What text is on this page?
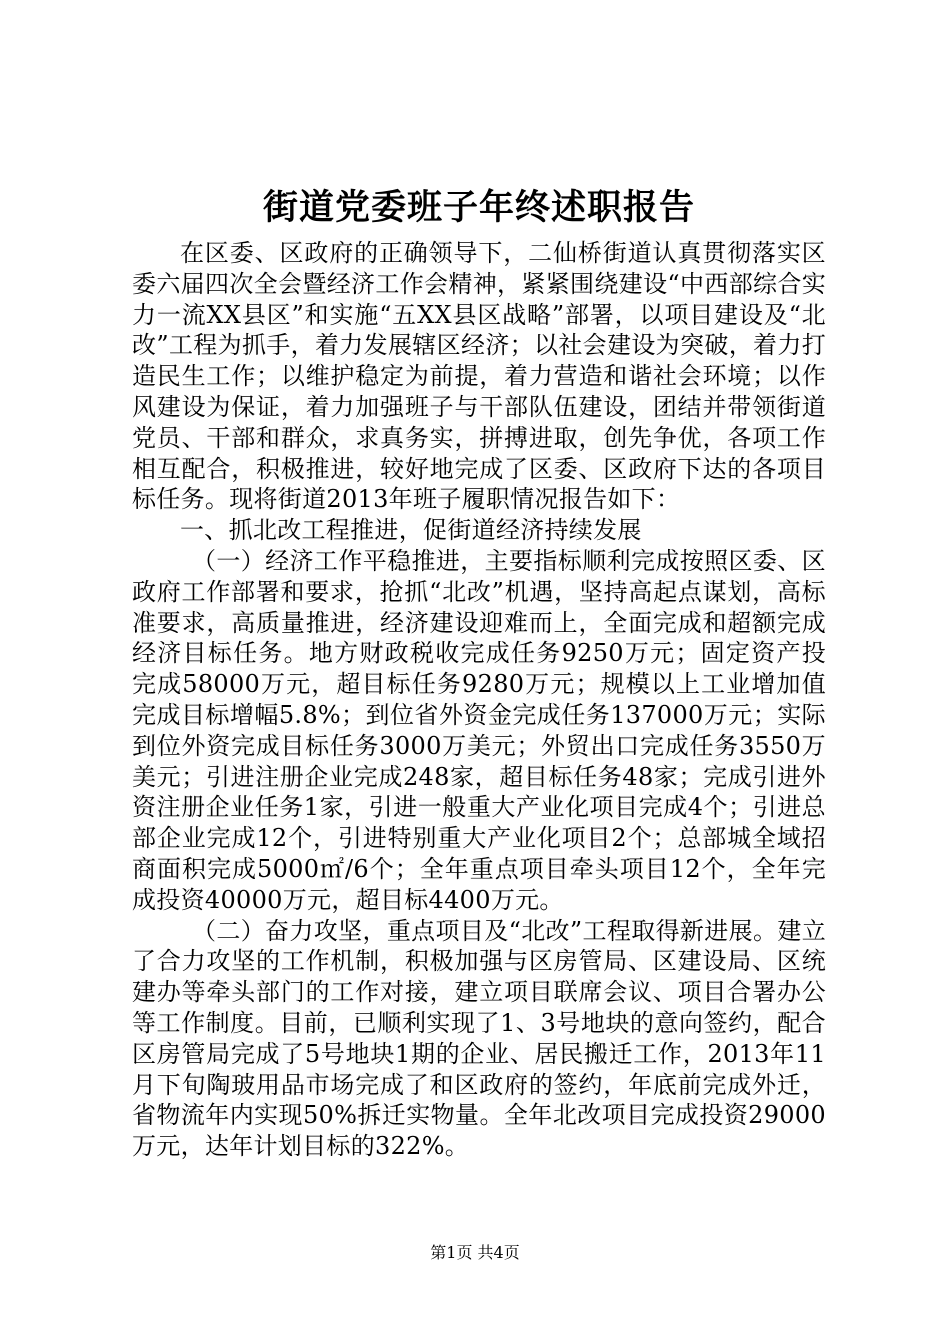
街道党委班子年终述职报告

在区委、区政府的正确领导下，二仙桥街道认真贯彻落实区委六届四次全会暨经济工作会精神，紧紧围绕建设“中西部综合实力一流XX县区”和实施“五XX县区战略”部署，以项目建设及“北改”工程为抓手，着力发展辖区经济；以社会建设为突破，着力打造民生工作；以维护稳定为前提，着力营造和谐社会环境；以作风建设为保证，着力加强班子与干部队伍建设，团结并带领街道党员、干部和群众，求真务实，拼搏进取，创先争优，各项工作相互配合，积极推进，较好地完成了区委、区政府下达的各项目标任务。现将街道2013年班子履职情况报告如下：

一、抓北改工程推进，促街道经济持续发展

（一）经济工作平稳推进，主要指标顺利完成按照区委、区政府工作部署和要求，抢抓“北改”机遇，坚持高起点谋划，高标准要求，高质量推进，经济建设迎难而上，全面完成和超额完成经济目标任务。地方财政税收完成任务9250万元；固定资产投完成58000万元，超目标任务9280万元；规模以上工业增加值完成目标增幅5.8%；到位省外资金完成任务137000万元；实际到位外资完成目标任务3000万美元；外贸出口完成任务3550万美元；引进注册企业完成248家，超目标任务48家；完成引进外资注册企业任务1家，引进一般重大产业化项目完成4个；引进总部企业完成12个，引进特别重大产业化项目2个；总部城全域招商面积完成5000㎡/6个；全年重点项目牵头项目12个，全年完成投资40000万元，超目标4400万元。

（二）奋力攻坚，重点项目及“北改”工程取得新进展。建立了合力攻坚的工作机制，积极加强与区房管局、区建设局、区统建办等牵头部门的工作对接，建立项目联席会议、项目合署办公等工作制度。目前，已顺利实现了1、3号地块的意向签约，配合区房管局完成了5号地块1期的企业、居民搬迁工作，2013年11月下旬陶玻用品市场完成了和区政府的签约，年底前完成外迁，省物流年内实现50%拆迁实物量。全年北改项目完成投资29000万元，达年计划目标的322%。

第1页 共4页
